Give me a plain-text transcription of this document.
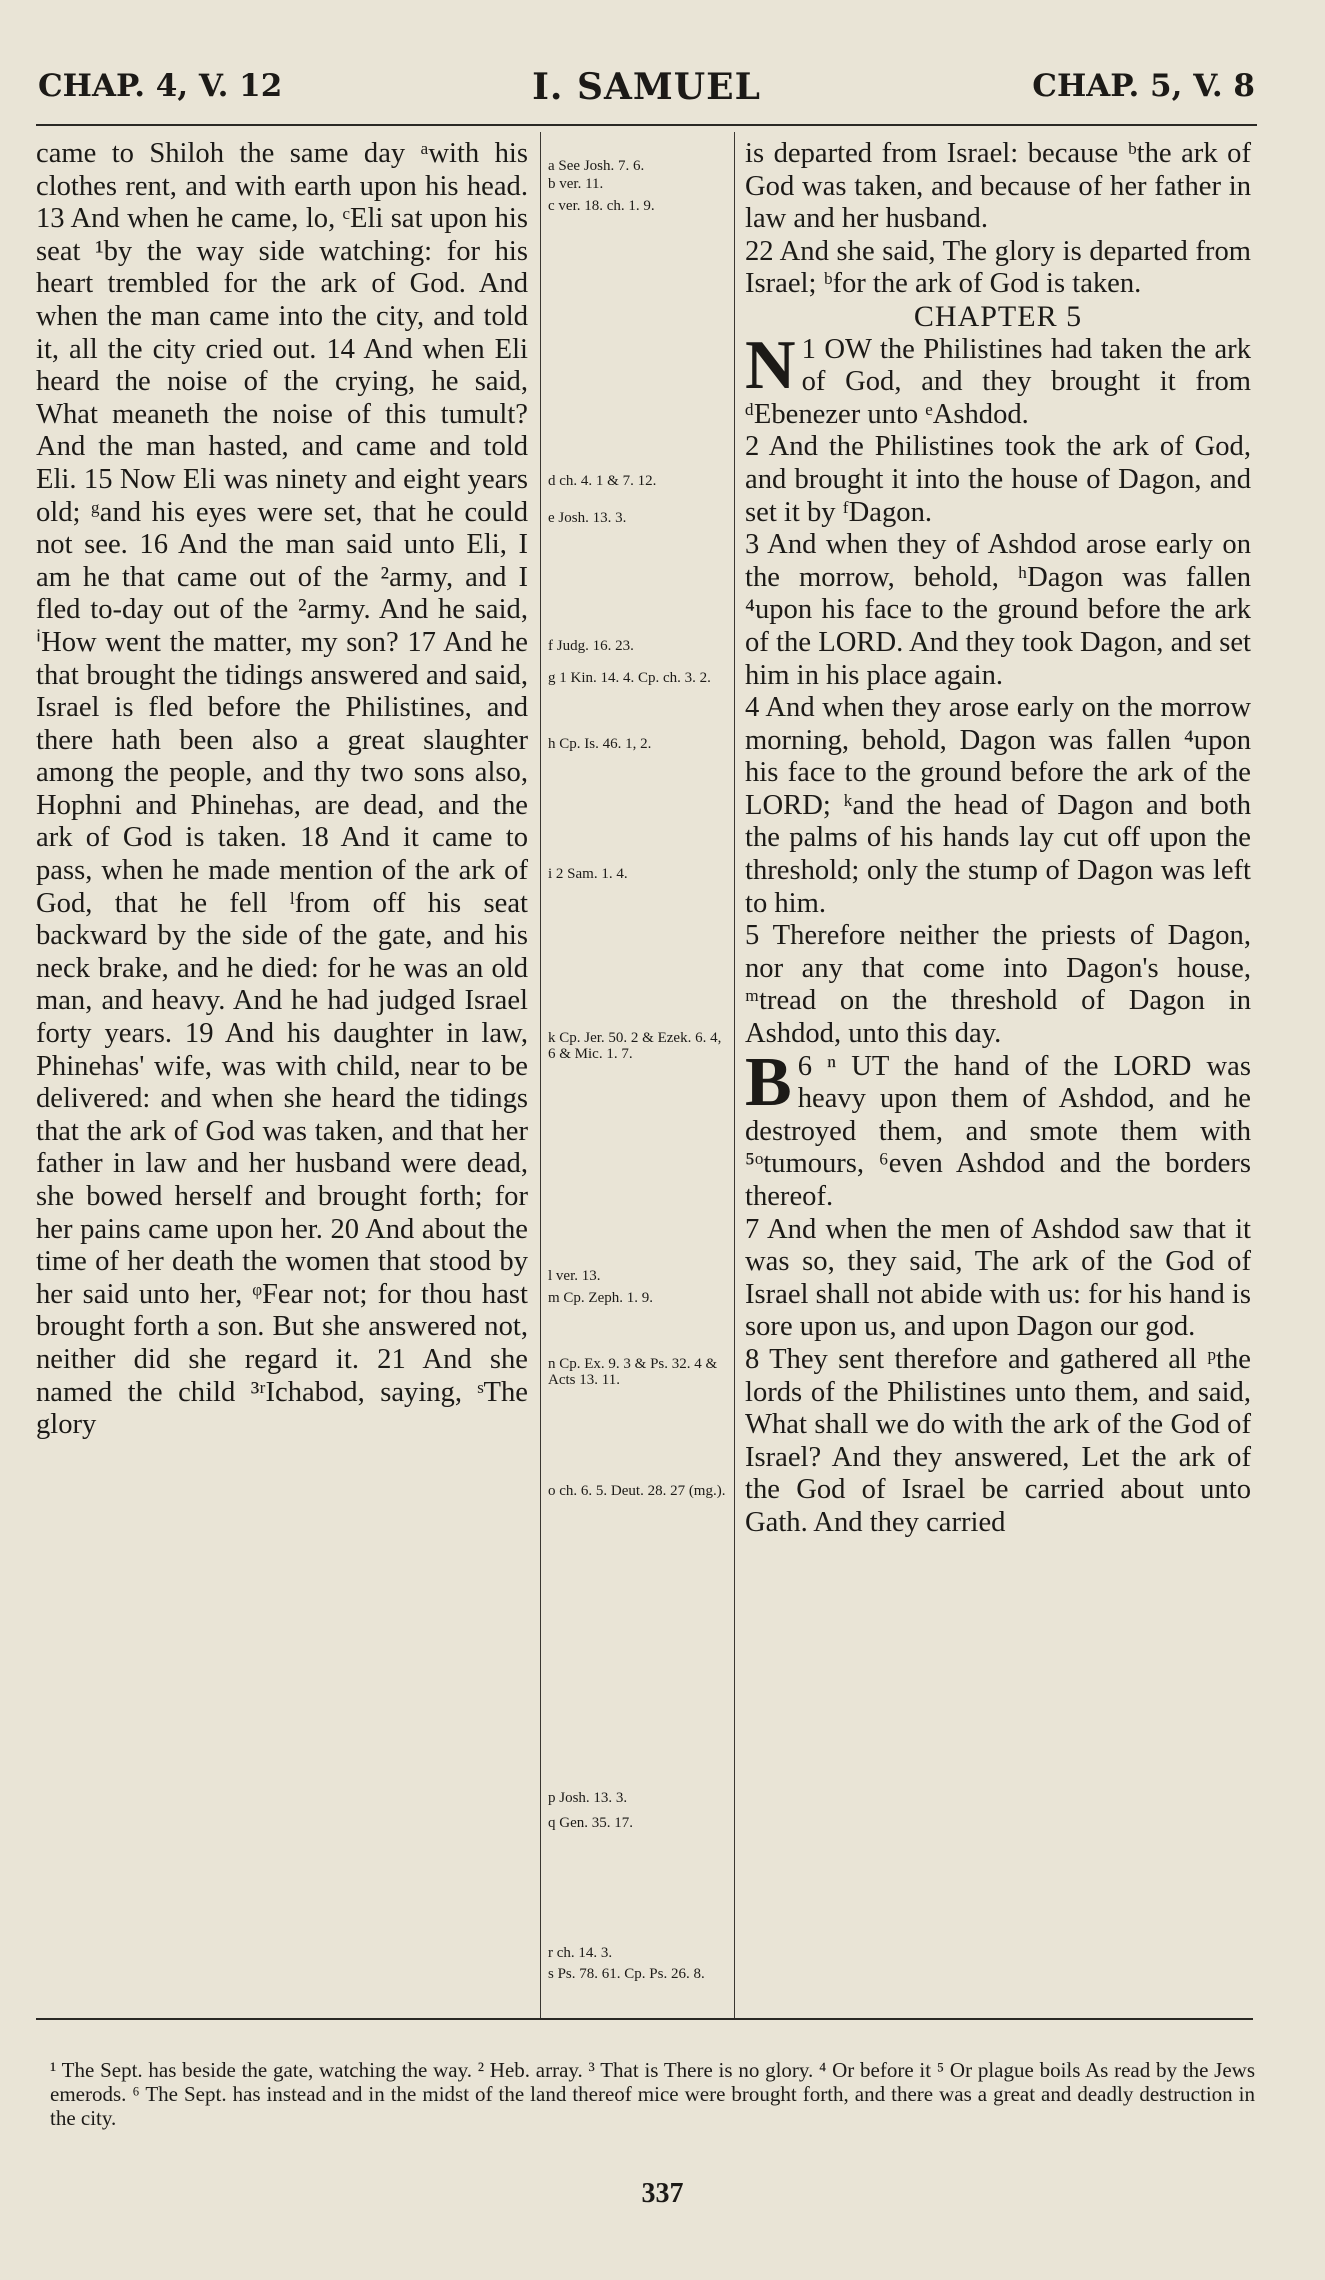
CHAP. 4, V. 12	I. SAMUEL	CHAP. 5, V. 8

came to Shiloh the same day ᵃwith his clothes rent, and with earth upon his head. 13 And when he came, lo, ᶜEli sat upon his seat ¹by the way side watching: for his heart trembled for the ark of God. And when the man came into the city, and told it, all the city cried out. 14 And when Eli heard the noise of the crying, he said, What meaneth the noise of this tumult? And the man hasted, and came and told Eli. 15 Now Eli was ninety and eight years old; ᵍand his eyes were set, that he could not see. 16 And the man said unto Eli, I am he that came out of the ²army, and I fled to-day out of the ²army. And he said, ⁱHow went the matter, my son? 17 And he that brought the tidings answered and said, Israel is fled before the Philistines, and there hath been also a great slaughter among the people, and thy two sons also, Hophni and Phinehas, are dead, and the ark of God is taken. 18 And it came to pass, when he made mention of the ark of God, that he fell ˡfrom off his seat backward by the side of the gate, and his neck brake, and he died: for he was an old man, and heavy. And he had judged Israel forty years. 19 And his daughter in law, Phinehas' wife, was with child, near to be delivered: and when she heard the tidings that the ark of God was taken, and that her father in law and her husband were dead, she bowed herself and brought forth; for her pains came upon her. 20 And about the time of her death the women that stood by her said unto her, ᵠFear not; for thou hast brought forth a son. But she answered not, neither did she regard it. 21 And she named the child ³ʳIchabod, saying, ˢThe glory

a See Josh. 7. 6.
b ver. 11.
c ver. 18. ch. 1. 9.
d ch. 4. 1 & 7. 12.
e Josh. 13. 3.
f Judg. 16. 23.
g 1 Kin. 14. 4. Cp. ch. 3. 2.
h Cp. Is. 46. 1, 2.
i 2 Sam. 1. 4.
k Cp. Jer. 50. 2 & Ezek. 6. 4, 6 & Mic. 1. 7.
l ver. 13.
m Cp. Zeph. 1. 9.
n Cp. Ex. 9. 3 & Ps. 32. 4 & Acts 13. 11.
o ch. 6. 5. Deut. 28. 27 (mg.).
p Josh. 13. 3.
q Gen. 35. 17.
r ch. 14. 3.
s Ps. 78. 61. Cp. Ps. 26. 8.

is departed from Israel: because ᵇthe ark of God was taken, and because of her father in law and her husband.

22 And she said, The glory is departed from Israel; ᵇfor the ark of God is taken.

CHAPTER 5

1
N OW the Philistines had taken the ark of God, and they brought it from ᵈEbenezer unto ᵉAshdod.

2 And the Philistines took the ark of God, and brought it into the house of Dagon, and set it by ᶠDagon.

3 And when they of Ashdod arose early on the morrow, behold, ʰDagon was fallen ⁴upon his face to the ground before the ark of the LORD. And they took Dagon, and set him in his place again.

4 And when they arose early on the morrow morning, behold, Dagon was fallen ⁴upon his face to the ground before the ark of the LORD; ᵏand the head of Dagon and both the palms of his hands lay cut off upon the threshold; only the stump of Dagon was left to him.

5 Therefore neither the priests of Dagon, nor any that come into Dagon's house, ᵐtread on the threshold of Dagon in Ashdod, unto this day.

6 ⁿ
B UT the hand of the LORD was heavy upon them of Ashdod, and he destroyed them, and smote them with ⁵ᵒtumours, ⁶even Ashdod and the borders thereof.

7 And when the men of Ashdod saw that it was so, they said, The ark of the God of Israel shall not abide with us: for his hand is sore upon us, and upon Dagon our god.

8 They sent therefore and gathered all ᵖthe lords of the Philistines unto them, and said, What shall we do with the ark of the God of Israel? And they answered, Let the ark of the God of Israel be carried about unto Gath. And they carried

¹ The Sept. has beside the gate, watching the way. ² Heb. array. ³ That is There is no glory. ⁴ Or before it ⁵ Or plague boils As read by the Jews emerods. ⁶ The Sept. has instead and in the midst of the land thereof mice were brought forth, and there was a great and deadly destruction in the city.
337
